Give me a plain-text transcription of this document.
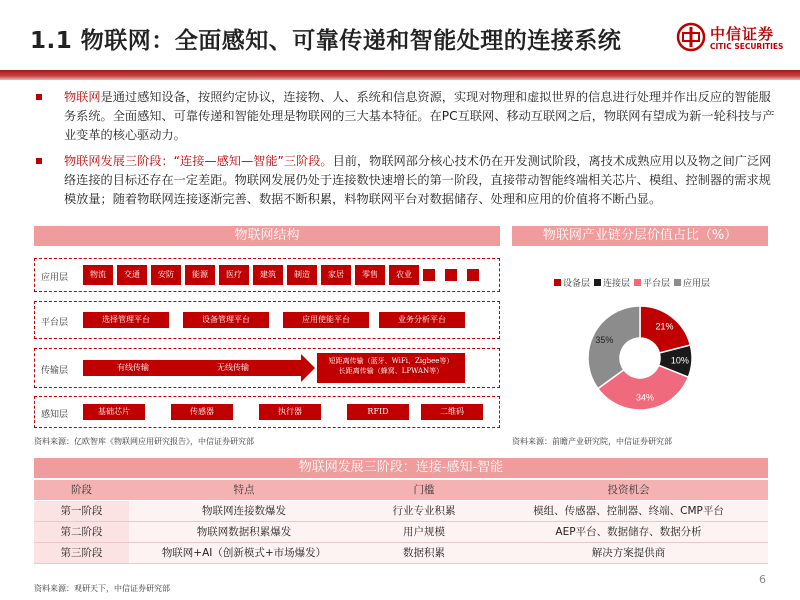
1.1 物联网：全面感知、可靠传递和智能处理的连接系统	中信证券
CITIC SECURITIES
物联网是通过感知设备，按照约定协议，连接物、人、系统和信息资源，实现对物理和虚拟世界的信息进行处理并作出反应的智能服务系统。全面感知、可靠传递和智能处理是物联网的三大基本特征。在PC互联网、移动互联网之后，物联网有望成为新一轮科技与产业变革的核心驱动力。
物联网发展三阶段：“连接—感知—智能”三阶段。目前，物联网部分核心技术仍在开发测试阶段，离技术成熟应用以及物之间广泛网络连接的目标还存在一定差距。物联网发展仍处于连接数快速增长的第一阶段，直接带动智能终端相关芯片、模组、控制器的需求规模放量；随着物联网连接逐渐完善、数据不断积累，料物联网平台对数据储存、处理和应用的价值将不断凸显。
物联网结构	物联网产业链分层价值占比（%）
应用层	物流	交通	安防	能源	医疗	建筑	制造	家居	零售	农业
平台层	选择管理平台	设备管理平台	应用使能平台	业务分析平台
传输层	有线传输	无线传输
短距离传输（蓝牙、WiFi、Zigbee等）
长距离传输（蜂窝、LPWAN等）
感知层	基础芯片	传感器	执行器	RFID	二维码
资料来源：亿欧智库《物联网应用研究报告》，中信证券研究部
设备层 连接层 平台层 应用层
21%
10%
34%
35%
资料来源：前瞻产业研究院，中信证券研究部
物联网发展三阶段：连接-感知-智能
阶段	特点	门槛	投资机会
第一阶段	物联网连接数爆发	行业专业积累	模组、传感器、控制器、终端、CMP平台
第二阶段	物联网数据积累爆发	用户规模	AEP平台、数据储存、数据分析
第三阶段	物联网+AI（创新模式+市场爆发）	数据积累	解决方案提供商
资料来源：观研天下，中信证券研究部
6
